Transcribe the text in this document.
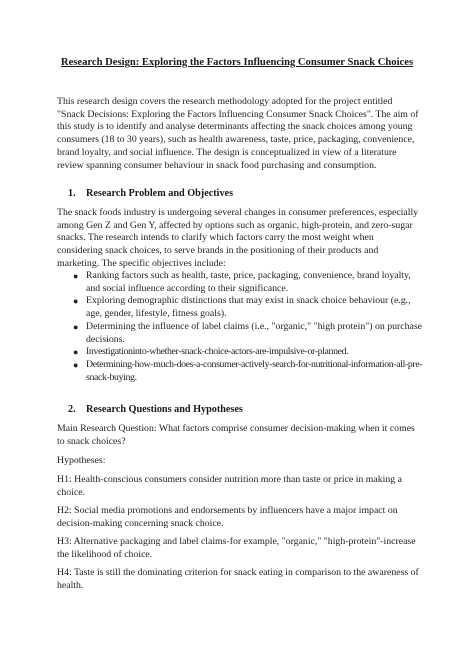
Research Design: Exploring the Factors Influencing Consumer Snack Choices

This research design covers the research methodology adopted for the project entitled "Snack Decisions: Exploring the Factors Influencing Consumer Snack Choices". The aim of this study is to identify and analyse determinants affecting the snack choices among young consumers (18 to 30 years), such as health awareness, taste, price, packaging, convenience, brand loyalty, and social influence. The design is conceptualized in view of a literature review spanning consumer behaviour in snack food purchasing and consumption.

1. Research Problem and Objectives

The snack foods industry is undergoing several changes in consumer preferences, especially among Gen Z and Gen Y, affected by options such as organic, high-protein, and zero-sugar snacks. The research intends to clarify which factors carry the most weight when considering snack choices, to serve brands in the positioning of their products and marketing. The specific objectives include:

● Ranking factors such as health, taste, price, packaging, convenience, brand loyalty, and social influence according to their significance.
● Exploring demographic distinctions that may exist in snack choice behaviour (e.g., age, gender, lifestyle, fitness goals).
● Determining the influence of label claims (i.e., "organic," "high protein") on purchase decisions.
● Investigationinto-whether-snack-choice-actors-are-impulsive-or-planned.
● Determining-how-much-does-a-consumer-actively-search-for-nutritional-information-all-pre-snack-buying.
2. Research Questions and Hypotheses

Main Research Question: What factors comprise consumer decision-making when it comes to snack choices?

Hypotheses:

H1: Health-conscious consumers consider nutrition more than taste or price in making a choice.

H2: Social media promotions and endorsements by influencers have a major impact on decision-making concerning snack choice.

H3: Alternative packaging and label claims-for example, "organic," "high-protein"-increase the likelihood of choice.

H4: Taste is still the dominating criterion for snack eating in comparison to the awareness of health.
